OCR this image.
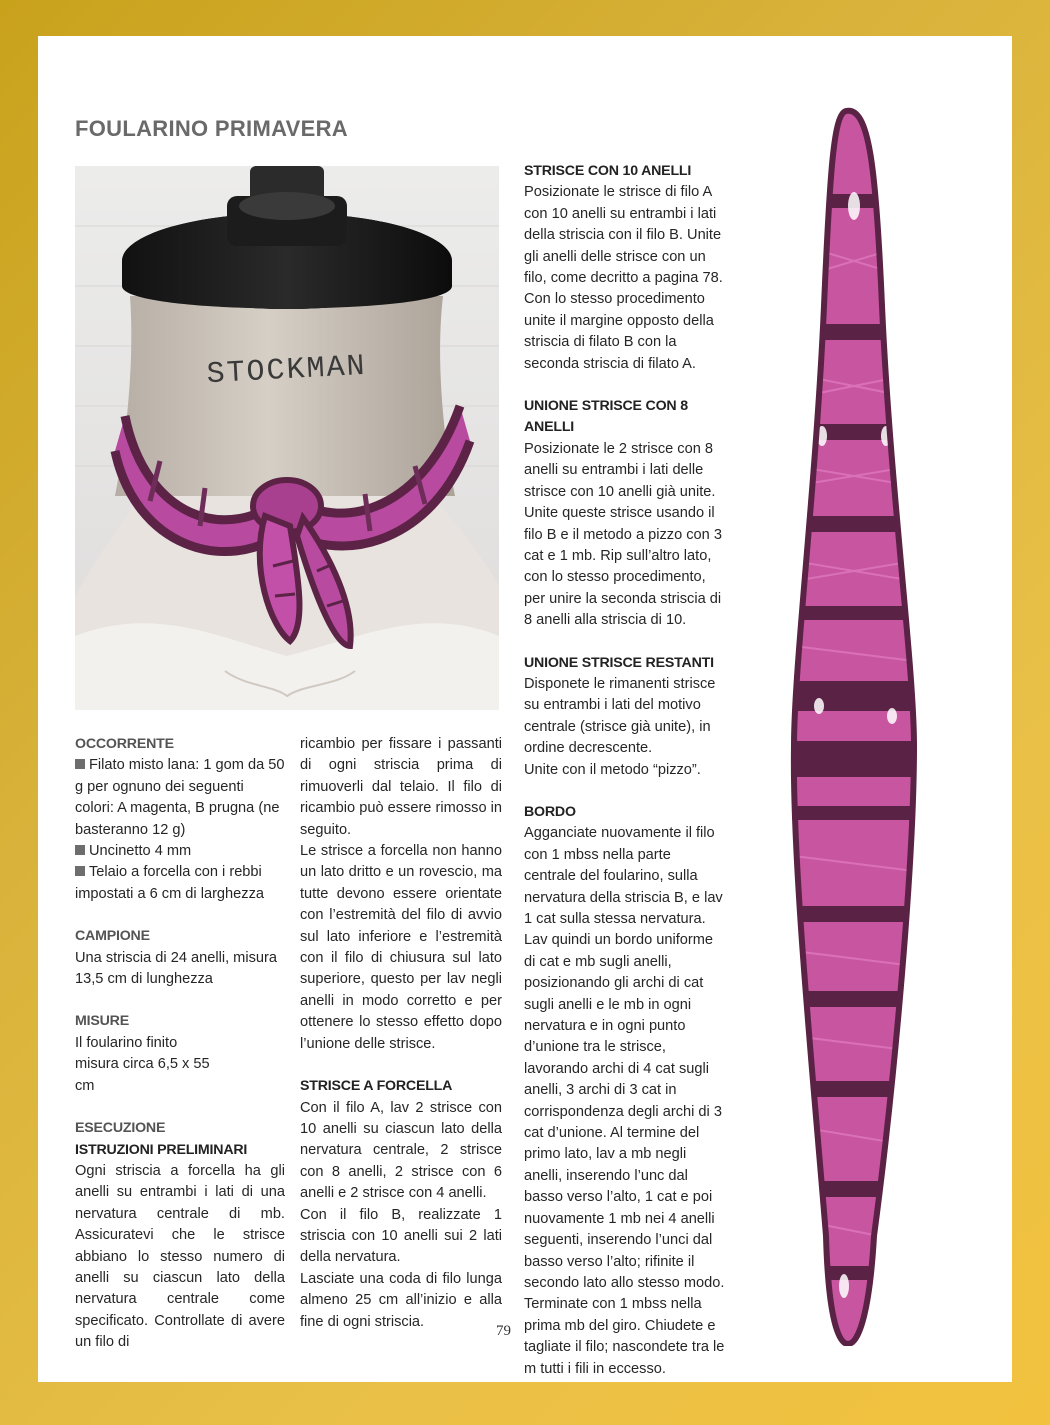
FOULARINO PRIMAVERA
STOCKMAN
OCCORRENTE

Filato misto lana: 1 gom da 50 g per ognuno dei seguenti colori: A magenta, B prugna (ne basteranno 12 g)

Uncinetto 4 mm

Telaio a forcella con i rebbi impostati a 6 cm di larghezza

CAMPIONE

Una striscia di 24 anelli, misura 13,5 cm di lunghezza

MISURE

Il foularino finito misura circa 6,5 x 55 cm

ESECUZIONE
ISTRUZIONI PRELIMINARI

Ogni striscia a forcella ha gli anelli su entrambi i lati di una nervatura centrale di mb. Assicuratevi che le strisce abbiano lo stesso numero di anelli su ciascun lato della nervatura centrale come specificato. Controllate di avere un filo di

ricambio per fissare i passanti di ogni striscia prima di rimuoverli dal telaio. Il filo di ricambio può essere rimosso in seguito.

Le strisce a forcella non hanno un lato dritto e un rovescio, ma tutte devono essere orientate con l’estremità del filo di avvio sul lato inferiore e l’estremità con il filo di chiusura sul lato superiore, questo per lav negli anelli in modo corretto e per ottenere lo stesso effetto dopo l’unione delle strisce.

STRISCE A FORCELLA

Con il filo A, lav 2 strisce con 10 anelli su ciascun lato della nervatura centrale, 2 strisce con 8 anelli, 2 strisce con 6 anelli e 2 strisce con 4 anelli.

Con il filo B, realizzate 1 striscia con 10 anelli sui 2 lati della nervatura.

Lasciate una coda di filo lunga almeno 25 cm all’inizio e alla fine di ogni striscia.

STRISCE CON 10 ANELLI

Posizionate le strisce di filo A con 10 anelli su entrambi i lati della striscia con il filo B. Unite gli anelli delle strisce con un filo, come decritto a pagina 78.

Con lo stesso procedimento unite il margine opposto della striscia di filato B con la seconda striscia di filato A.

UNIONE STRISCE CON 8 ANELLI

Posizionate le 2 strisce con 8 anelli su entrambi i lati delle strisce con 10 anelli già unite. Unite queste strisce usando il filo B e il metodo a pizzo con 3 cat e 1 mb. Rip sull’altro lato, con lo stesso procedimento, per unire la seconda striscia di 8 anelli alla striscia di 10.

UNIONE STRISCE RESTANTI

Disponete le rimanenti strisce su entrambi i lati del motivo centrale (strisce già unite), in ordine decrescente.

Unite con il metodo “pizzo”.

BORDO

Agganciate nuovamente il filo con 1 mbss nella parte centrale del foularino, sulla nervatura della striscia B, e lav 1 cat sulla stessa nervatura. Lav quindi un bordo uniforme di cat e mb sugli anelli, posizionando gli archi di cat sugli anelli e le mb in ogni nervatura e in ogni punto d’unione tra le strisce, lavorando archi di 4 cat sugli anelli, 3 archi di 3 cat in corrispondenza degli archi di 3 cat d’unione. Al termine del primo lato, lav a mb negli anelli, inserendo l’unc dal basso verso l’alto, 1 cat e poi nuovamente 1 mb nei 4 anelli seguenti, inserendo l’unci dal basso verso l’alto; rifinite il secondo lato allo stesso modo. Terminate con 1 mbss nella prima mb del giro. Chiudete e tagliate il filo; nascondete tra le m tutti i fili in eccesso.

79
